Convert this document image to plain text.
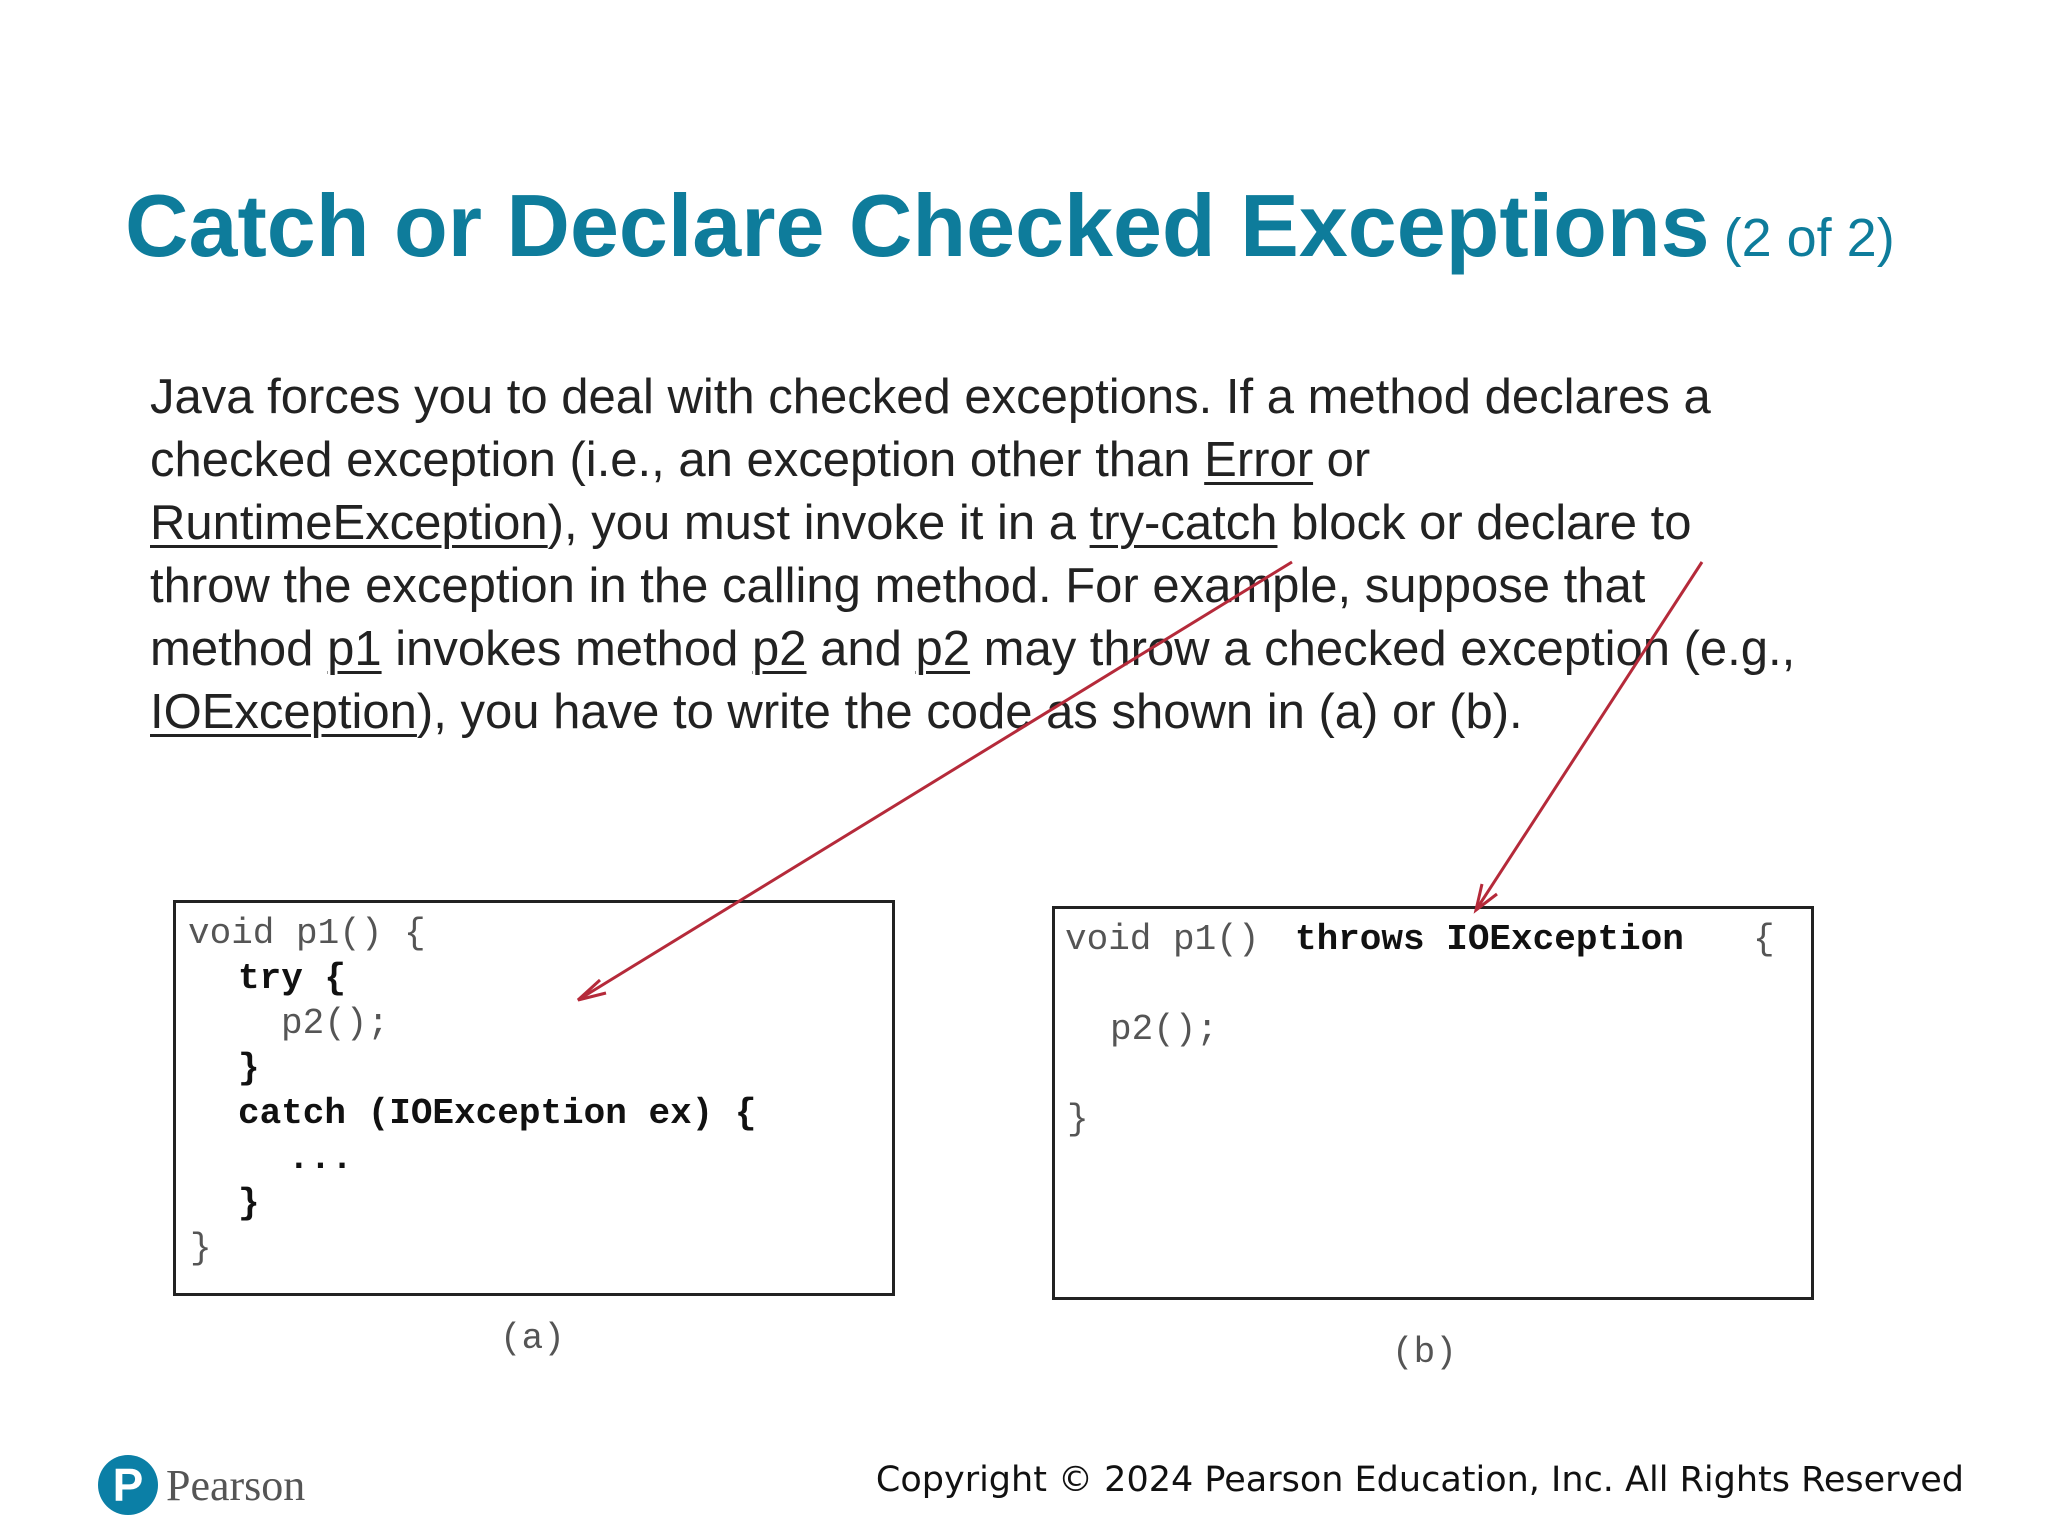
Catch or Declare Checked Exceptions (2 of 2)
Java forces you to deal with checked exceptions. If a method declares a
checked exception (i.e., an exception other than Error or
RuntimeException), you must invoke it in a try-catch block or declare to
throw the exception in the calling method. For example, suppose that
method p1 invokes method p2 and p2 may throw a checked exception (e.g.,
IOException), you have to write the code as shown in (a) or (b).
void p1() {
try {
p2();
}
catch (IOException ex) {
...
}
}
(a)
void p1() throws IOException {
p2();
}
(b)
P Pearson	Copyright © 2024 Pearson Education, Inc. All Rights Reserved
